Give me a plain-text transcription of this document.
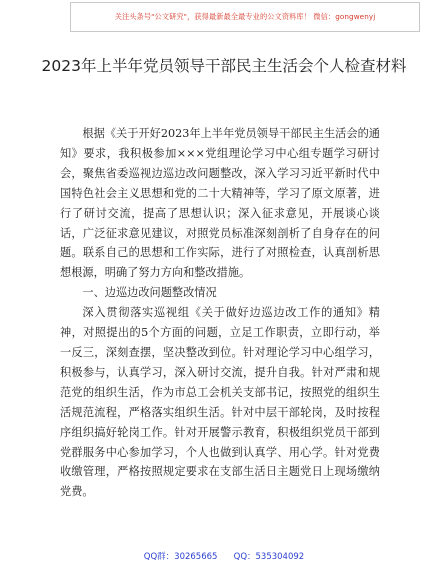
关注头条号"公文研究"，获得最新最全最专业的公文资料库！ 微信：gongwenyj
2023年上半年党员领导干部民主生活会个人检查材料

根据《关于开好2023年上半年党员领导干部民主生活会的通知》要求，我积极参加×××党组理论学习中心组专题学习研讨会，聚焦省委巡视边巡边改问题整改，深入学习习近平新时代中国特色社会主义思想和党的二十大精神等，学习了原文原著，进行了研讨交流，提高了思想认识；深入征求意见，开展谈心谈话，广泛征求意见建议，对照党员标准深刻剖析了自身存在的问题。联系自己的思想和工作实际，进行了对照检查，认真剖析思想根源，明确了努力方向和整改措施。

一、边巡边改问题整改情况

深入贯彻落实巡视组《关于做好边巡边改工作的通知》精神，对照提出的5个方面的问题，立足工作职责，立即行动，举一反三，深刻查摆，坚决整改到位。针对理论学习中心组学习，积极参与，认真学习，深入研讨交流，提升自我。针对严肃和规范党的组织生活，作为市总工会机关支部书记，按照党的组织生活规范流程，严格落实组织生活。针对中层干部轮岗，及时按程序组织搞好轮岗工作。针对开展警示教育，积极组织党员干部到党群服务中心参加学习，个人也做到认真学、用心学。针对党费收缴管理，严格按照规定要求在支部生活日主题党日上现场缴纳党费。

QQ群：30265665      QQ：535304092
